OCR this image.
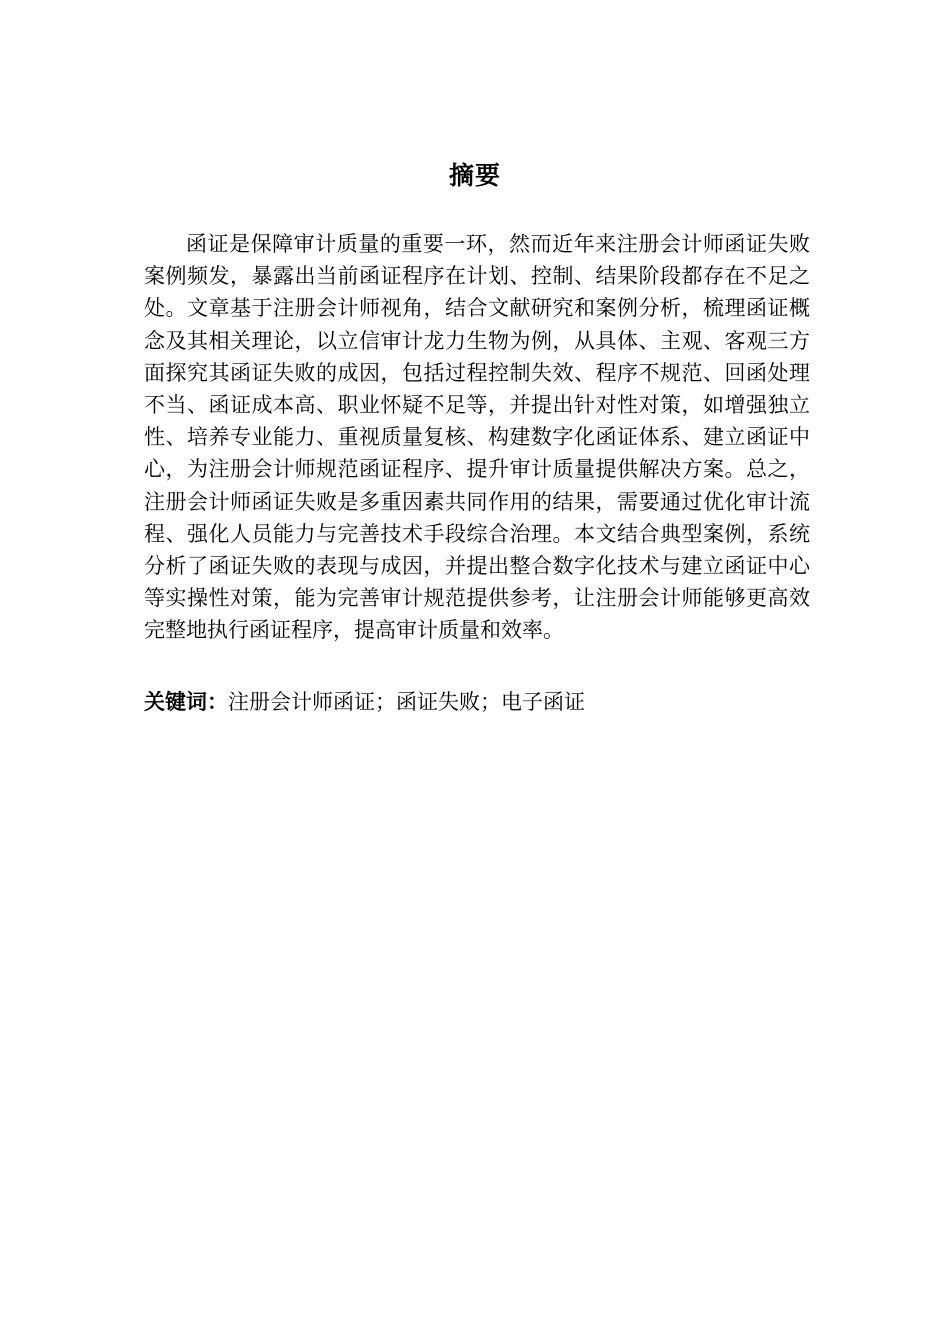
摘要

函证是保障审计质量的重要一环，然而近年来注册会计师函证失败案例频发，暴露出当前函证程序在计划、控制、结果阶段都存在不足之处。文章基于注册会计师视角，结合文献研究和案例分析，梳理函证概念及其相关理论，以立信审计龙力生物为例，从具体、主观、客观三方面探究其函证失败的成因，包括过程控制失效、程序不规范、回函处理不当、函证成本高、职业怀疑不足等，并提出针对性对策，如增强独立性、培养专业能力、重视质量复核、构建数字化函证体系、建立函证中心，为注册会计师规范函证程序、提升审计质量提供解决方案。总之，注册会计师函证失败是多重因素共同作用的结果，需要通过优化审计流程、强化人员能力与完善技术手段综合治理。本文结合典型案例，系统分析了函证失败的表现与成因，并提出整合数字化技术与建立函证中心等实操性对策，能为完善审计规范提供参考，让注册会计师能够更高效完整地执行函证程序，提高审计质量和效率。

关键词：注册会计师函证；函证失败；电子函证
